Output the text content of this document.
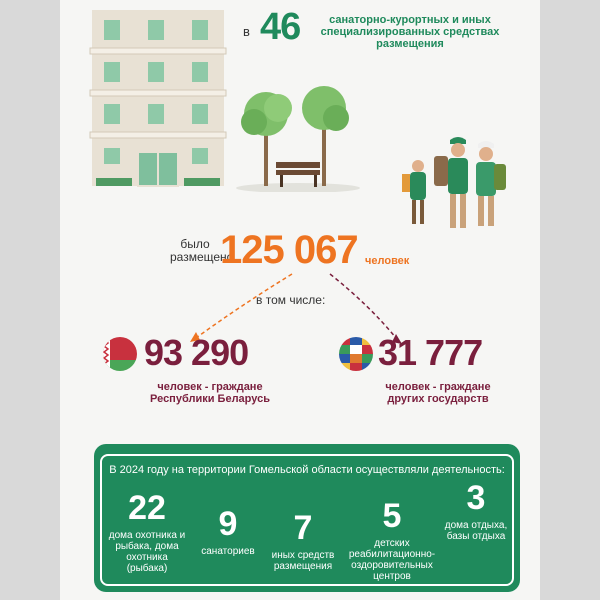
в 46	санаторно-курортных и иных специализированных средствах размещения
было размещено
125 067 человек
в том числе:
93 290
человек - граждане Республики Беларусь
31 777
человек - граждане других государств
В 2024 году на территории Гомельской области осуществляли деятельность:
22
дома охотника и рыбака, дома охотника (рыбака)
9
санаториев
7
иных средств размещения
5
детских реабилитационно-оздоровительных центров
3
дома отдыха, базы отдыха
